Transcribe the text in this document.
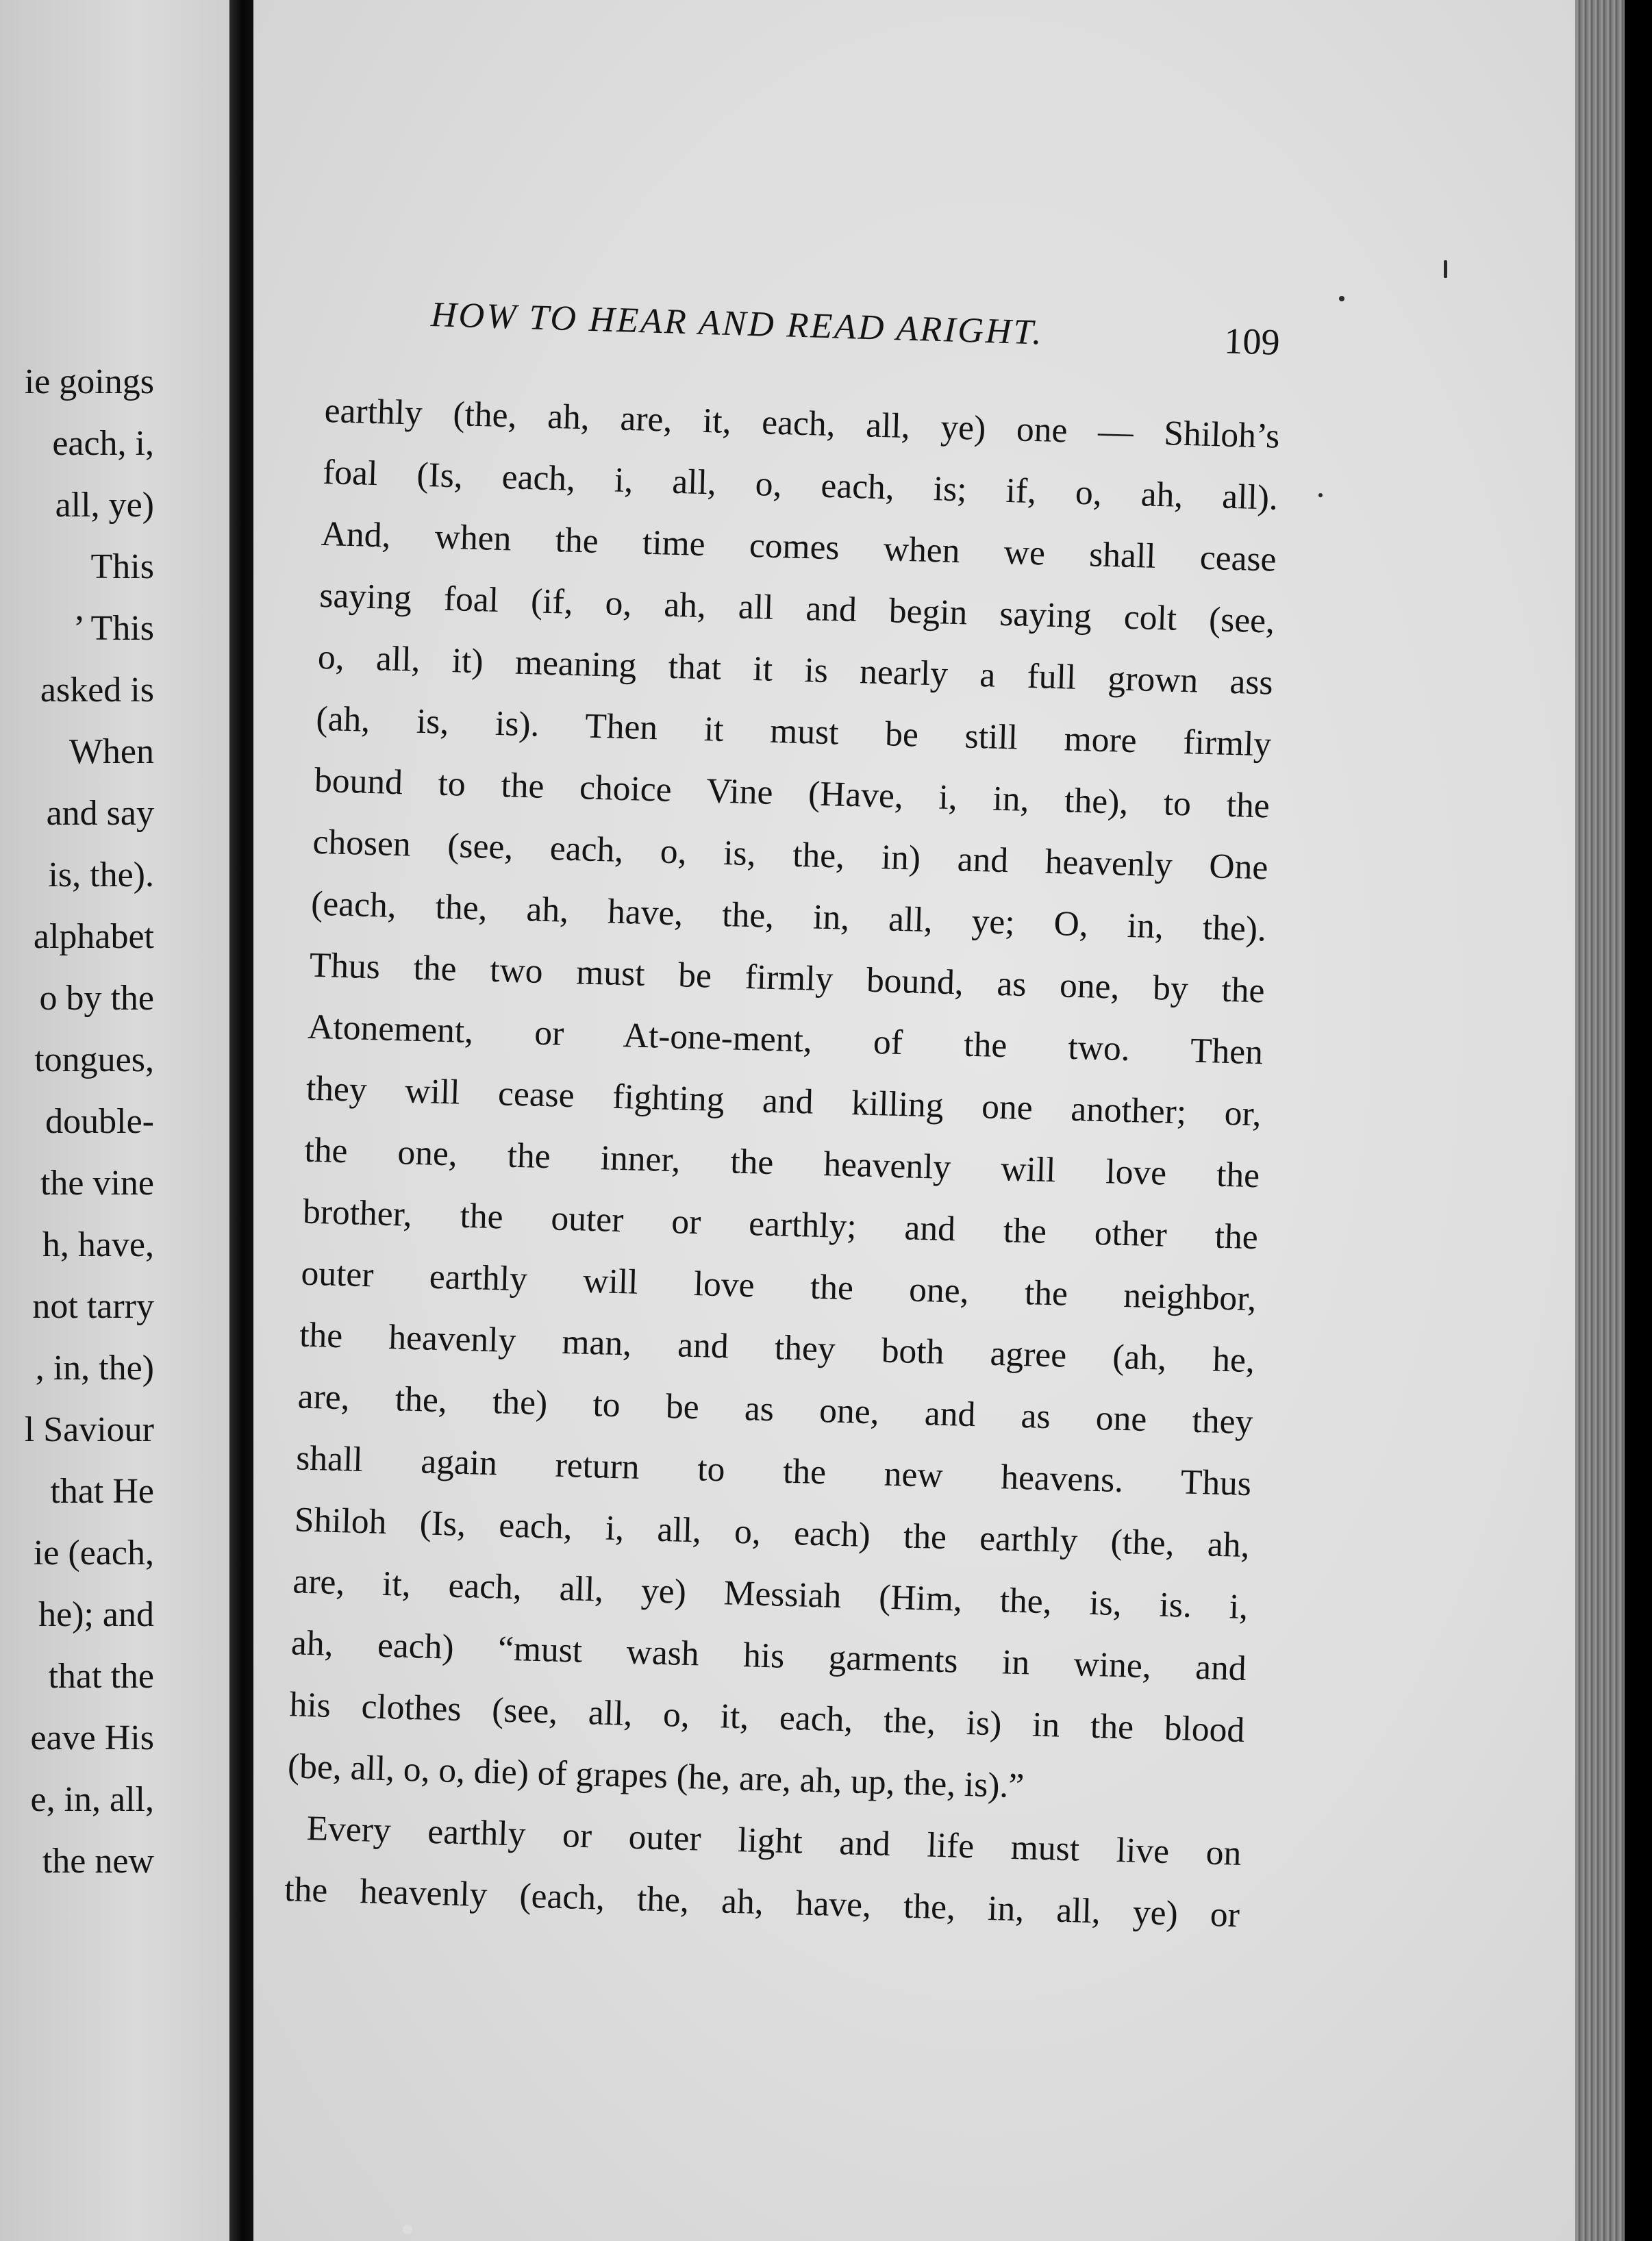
ie goings
each, i,
all, ye)
This
’ This
asked is
When
and say
is, the).
alphabet
o by the
tongues,
double-
the vine
h, have,
not tarry
, in, the)
l Saviour
that He
ie (each,
he); and
that the
eave His
e, in, all,
the new
HOW TO HEAR AND READ ARIGHT.	109
earthly (the, ah, are, it, each, all, ye) one — Shiloh’s
foal (Is, each, i, all, o, each, is; if, o, ah, all).
And, when the time comes when we shall cease
saying foal (if, o, ah, all and begin saying colt (see,
o, all, it) meaning that it is nearly a full grown ass
(ah, is, is). Then it must be still more firmly
bound to the choice Vine (Have, i, in, the), to the
chosen (see, each, o, is, the, in) and heavenly One
(each, the, ah, have, the, in, all, ye; O, in, the).
Thus the two must be firmly bound, as one, by the
Atonement, or At-one-ment, of the two. Then
they will cease fighting and killing one another; or,
the one, the inner, the heavenly will love the
brother, the outer or earthly; and the other the
outer earthly will love the one, the neighbor,
the heavenly man, and they both agree (ah, he,
are, the, the) to be as one, and as one they
shall again return to the new heavens. Thus
Shiloh (Is, each, i, all, o, each) the earthly (the, ah,
are, it, each, all, ye) Messiah (Him, the, is, is. i,
ah, each) “must wash his garments in wine, and
his clothes (see, all, o, it, each, the, is) in the blood
(be, all, o, o, die) of grapes (he, are, ah, up, the, is).”
Every earthly or outer light and life must live on
the heavenly (each, the, ah, have, the, in, all, ye) or
